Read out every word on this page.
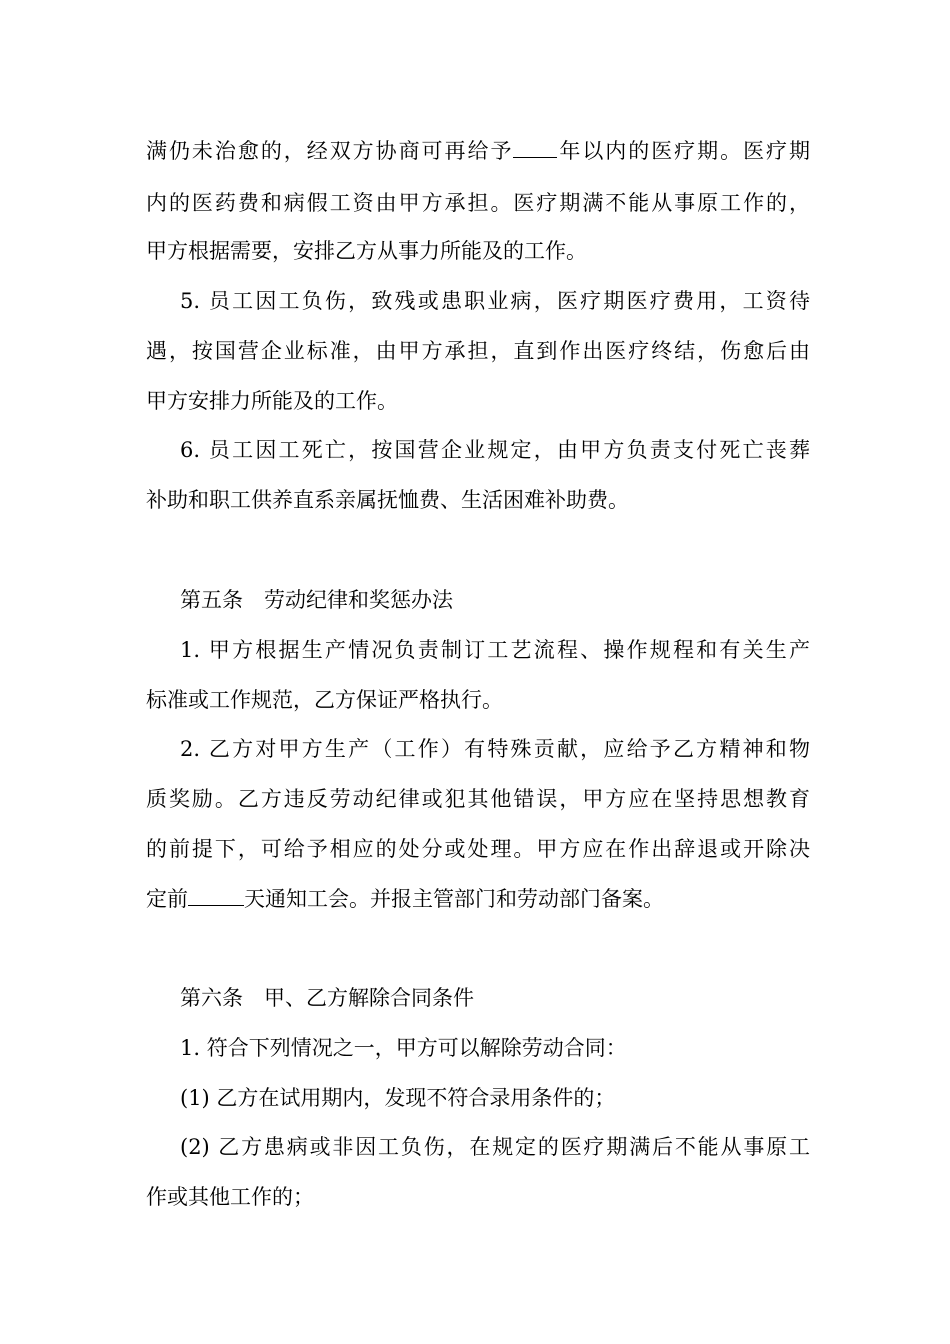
满仍未治愈的，经双方协商可再给予 年以内的医疗期。医疗期
内的医药费和病假工资由甲方承担。医疗期满不能从事原工作的，
甲方根据需要，安排乙方从事力所能及的工作。
5. 员工因工负伤，致残或患职业病，医疗期医疗费用，工资待
遇，按国营企业标准，由甲方承担，直到作出医疗终结，伤愈后由
甲方安排力所能及的工作。
6. 员工因工死亡，按国营企业规定，由甲方负责支付死亡丧葬
补助和职工供养直系亲属抚恤费、生活困难补助费。
第五条　劳动纪律和奖惩办法
1. 甲方根据生产情况负责制订工艺流程、操作规程和有关生产
标准或工作规范，乙方保证严格执行。
2. 乙方对甲方生产（工作）有特殊贡献，应给予乙方精神和物
质奖励。乙方违反劳动纪律或犯其他错误，甲方应在坚持思想教育
的前提下，可给予相应的处分或处理。甲方应在作出辞退或开除决
定前	天通知工会。并报主管部门和劳动部门备案。
第六条　甲、乙方解除合同条件
1. 符合下列情况之一，甲方可以解除劳动合同：
(1) 乙方在试用期内，发现不符合录用条件的；
(2) 乙方患病或非因工负伤，在规定的医疗期满后不能从事原工
作或其他工作的；
